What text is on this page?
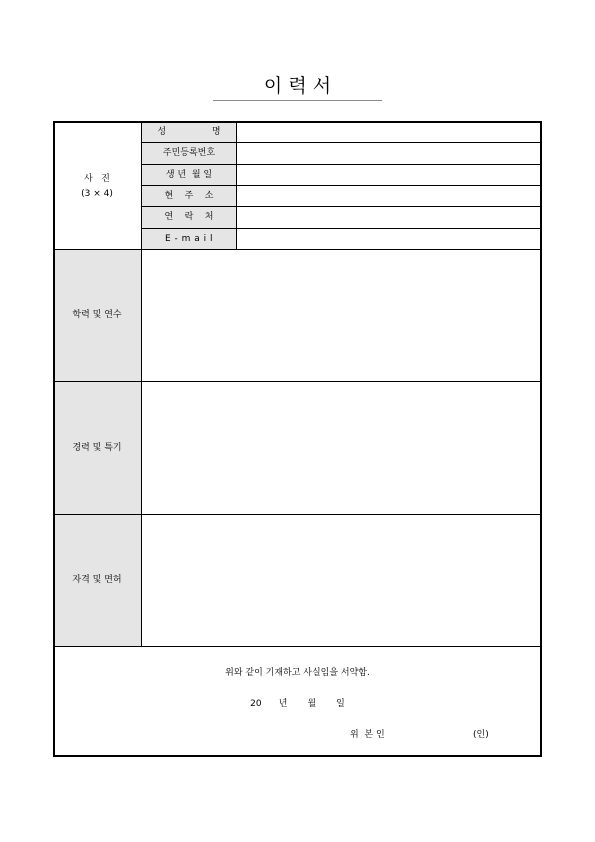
이 력 서
사   진
(3 × 4)
성                명
주민등록번호
생 년  월 일
현    주    소
연    락    처
E - m a i l
학력 및 연수
경력 및 특기
자격 및 면허
위와 같이 기재하고 사실임을 서약함.
20      년       월       일
위  본 인	(인)
